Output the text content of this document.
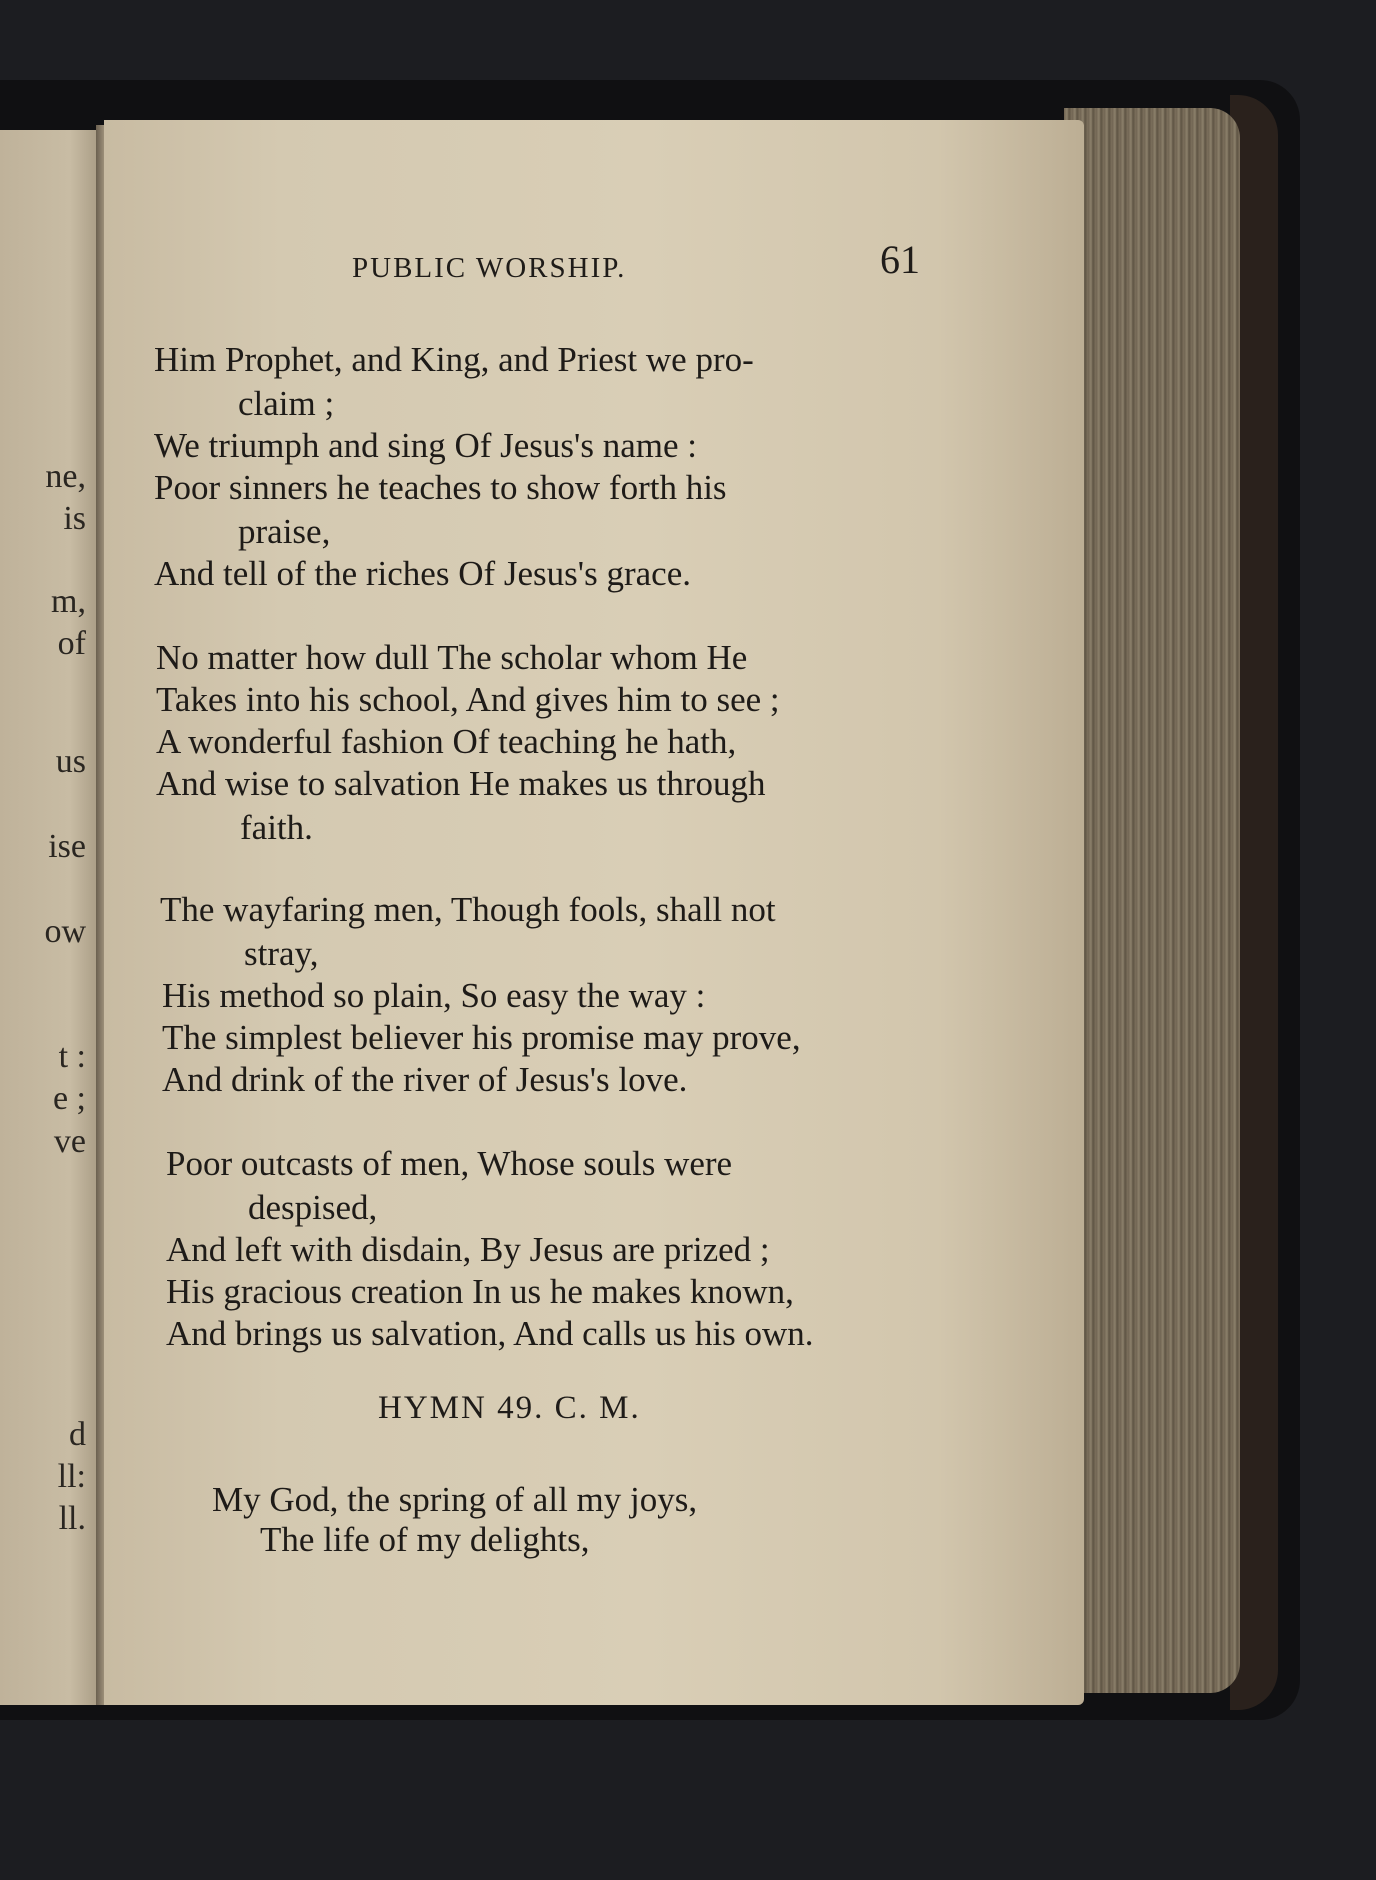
ne,
is
m,
of
us
ise
ow
t :
e ;
ve
d
ll:
ll.
PUBLIC WORSHIP.	61
Him Prophet, and King, and Priest we pro-
claim ;
We triumph and sing Of Jesus's name :
Poor sinners he teaches to show forth his
praise,
And tell of the riches Of Jesus's grace.
No matter how dull The scholar whom He
Takes into his school, And gives him to see ;
A wonderful fashion Of teaching he hath,
And wise to salvation He makes us through
faith.
The wayfaring men, Though fools, shall not
stray,
His method so plain, So easy the way :
The simplest believer his promise may prove,
And drink of the river of Jesus's love.
Poor outcasts of men, Whose souls were
despised,
And left with disdain, By Jesus are prized ;
His gracious creation In us he makes known,
And brings us salvation, And calls us his own.
HYMN 49. C. M.
My God, the spring of all my joys,
The life of my delights,
